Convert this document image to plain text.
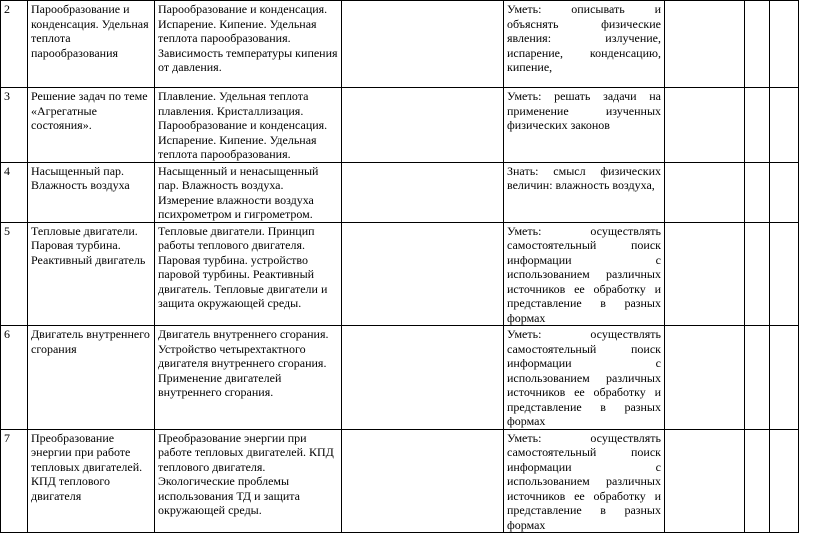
2	Парообразование и конденсация. Удельная теплота парообразования	Парообразование и конденсация. Испарение. Кипение. Удельная теплота парообразования. Зависимость температуры кипения от давления.		Уметь: описывать и объяснять физические явления: излучение, испарение, конденсацию, кипение,			
3	Решение задач по теме «Агрегатные состояния».	Плавление. Удельная теплота плавления. Кристаллизация. Парообразование и конденсация. Испарение. Кипение. Удельная теплота парообразования.		Уметь: решать задачи на применение изученных физических законов			
4	Насыщенный пар. Влажность воздуха	Насыщенный и ненасыщенный пар. Влажность воздуха. Измерение влажности воздуха психрометром и гигрометром.		Знать: смысл физических величин: влажность воздуха,			
5	Тепловые двигатели. Паровая турбина. Реактивный двигатель	Тепловые двигатели. Принцип работы теплового двигателя. Паровая турбина. устройство паровой турбины. Реактивный двигатель. Тепловые двигатели и защита окружающей среды.		Уметь: осуществлять самостоятельный поиск информации с использованием различных источников ее обработку и представление в разных формах			
6	Двигатель внутреннего сгорания	Двигатель внутреннего сгорания. Устройство четырехтактного двигателя внутреннего сгорания. Применение двигателей внутреннего сгорания.		Уметь: осуществлять самостоятельный поиск информации с использованием различных источников ее обработку и представление в разных формах			
7	Преобразование энергии при работе тепловых двигателей. КПД теплового двигателя	Преобразование энергии при работе тепловых двигателей. КПД теплового двигателя. Экологические проблемы использования ТД и защита окружающей среды.		Уметь: осуществлять самостоятельный поиск информации с использованием различных источников ее обработку и представление в разных формах			
